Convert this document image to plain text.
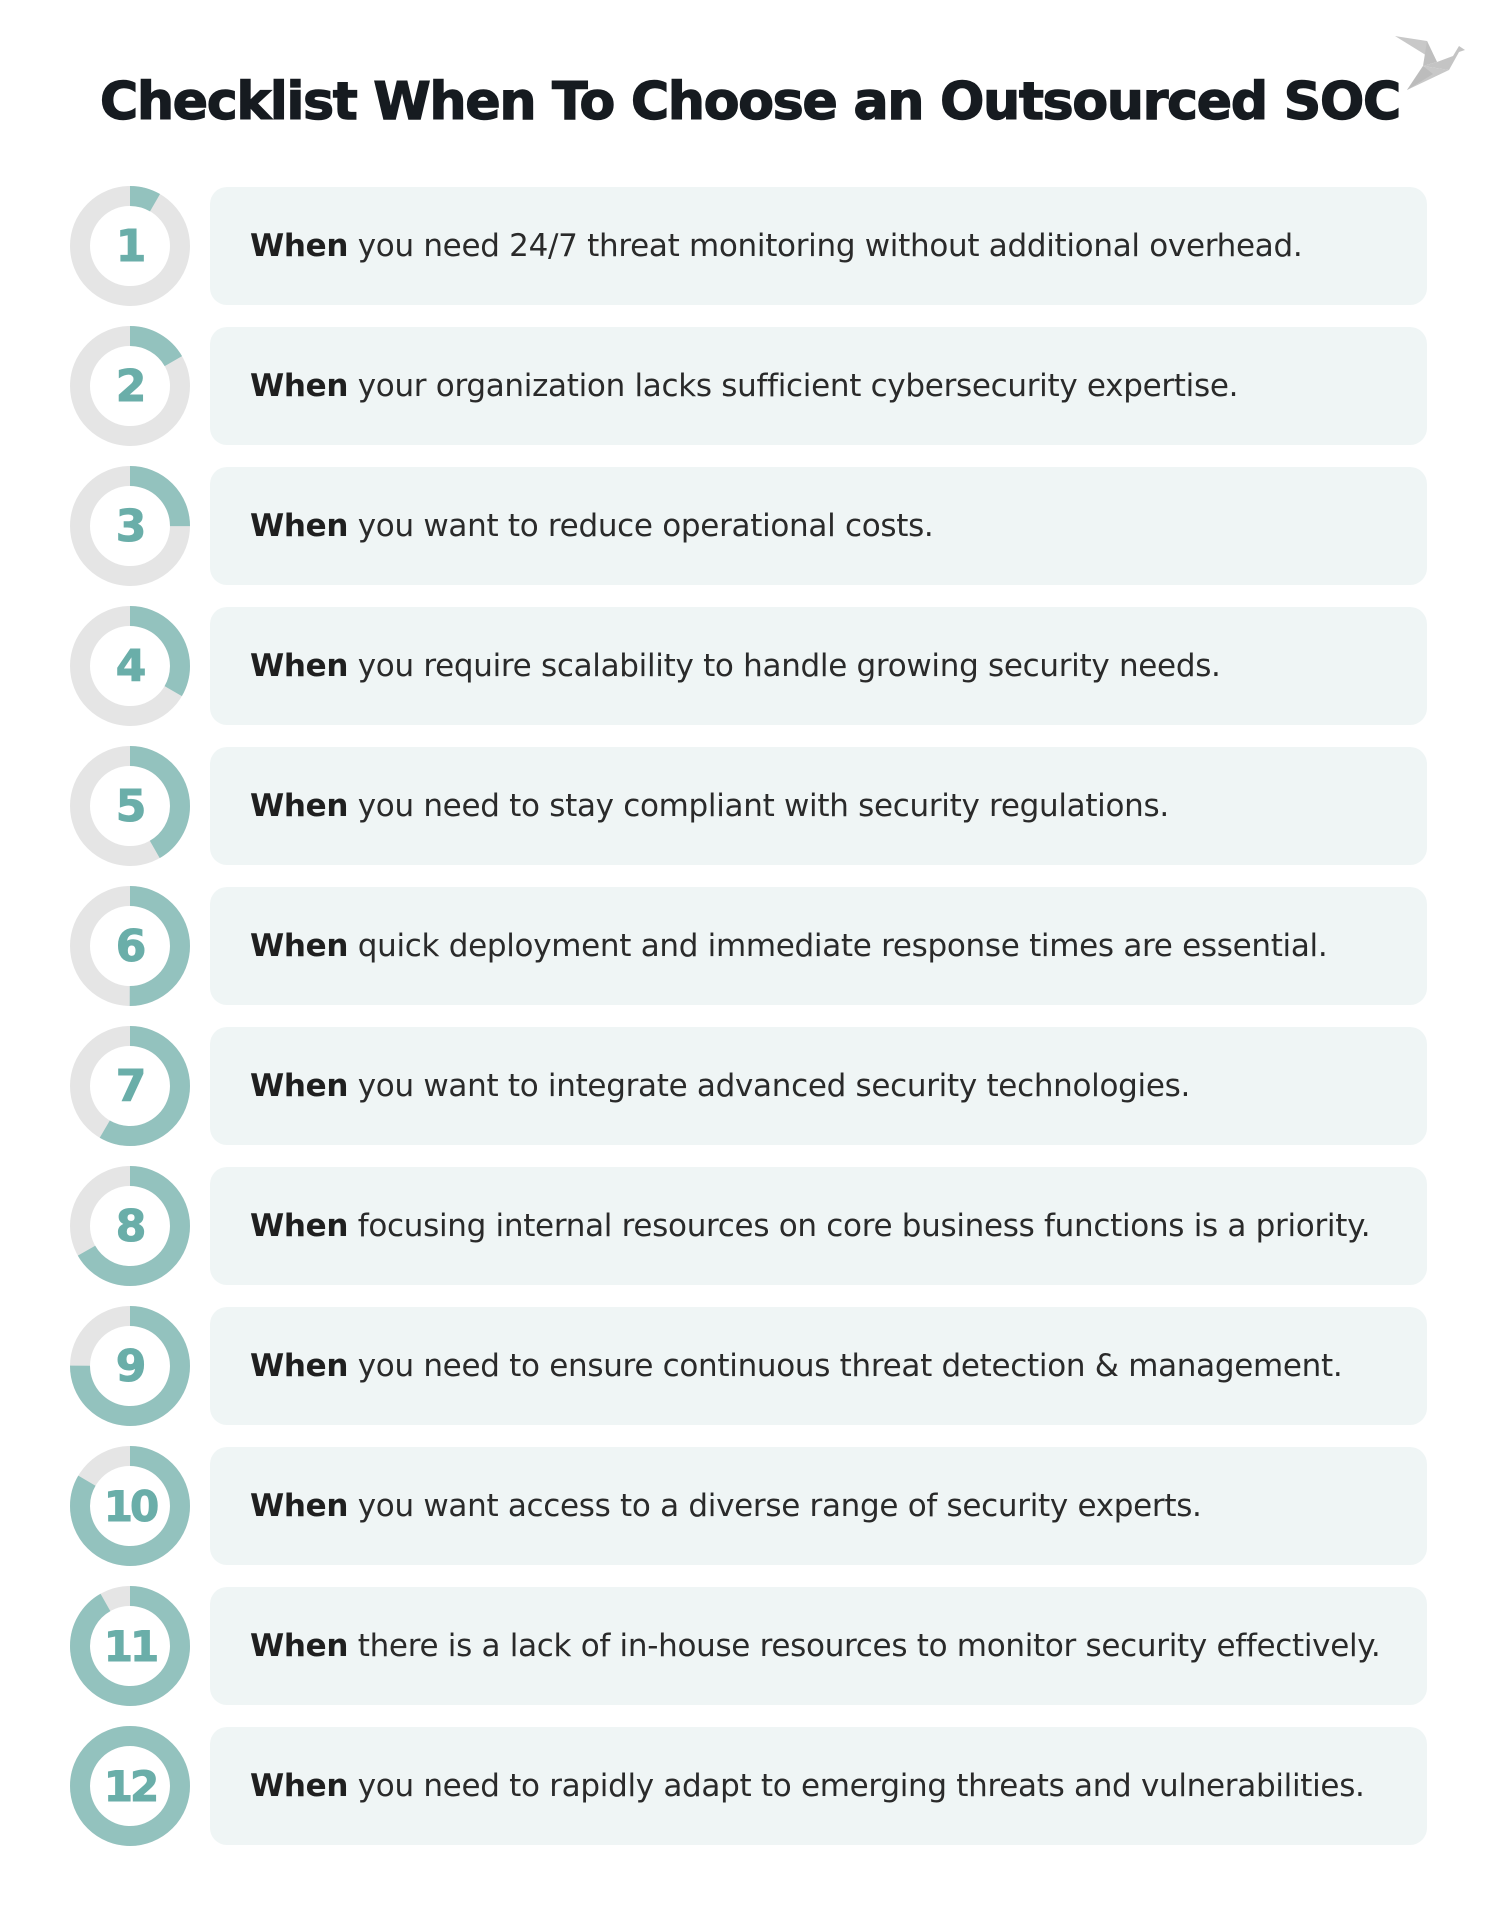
Checklist When To Choose an Outsourced SOC
1	When you need 24/7 threat monitoring without additional overhead.
2	When your organization lacks sufficient cybersecurity expertise.
3	When you want to reduce operational costs.
4	When you require scalability to handle growing security needs.
5	When you need to stay compliant with security regulations.
6	When quick deployment and immediate response times are essential.
7	When you want to integrate advanced security technologies.
8	When focusing internal resources on core business functions is a priority.
9	When you need to ensure continuous threat detection & management.
10	When you want access to a diverse range of security experts.
11	When there is a lack of in-house resources to monitor security effectively.
12	When you need to rapidly adapt to emerging threats and vulnerabilities.
